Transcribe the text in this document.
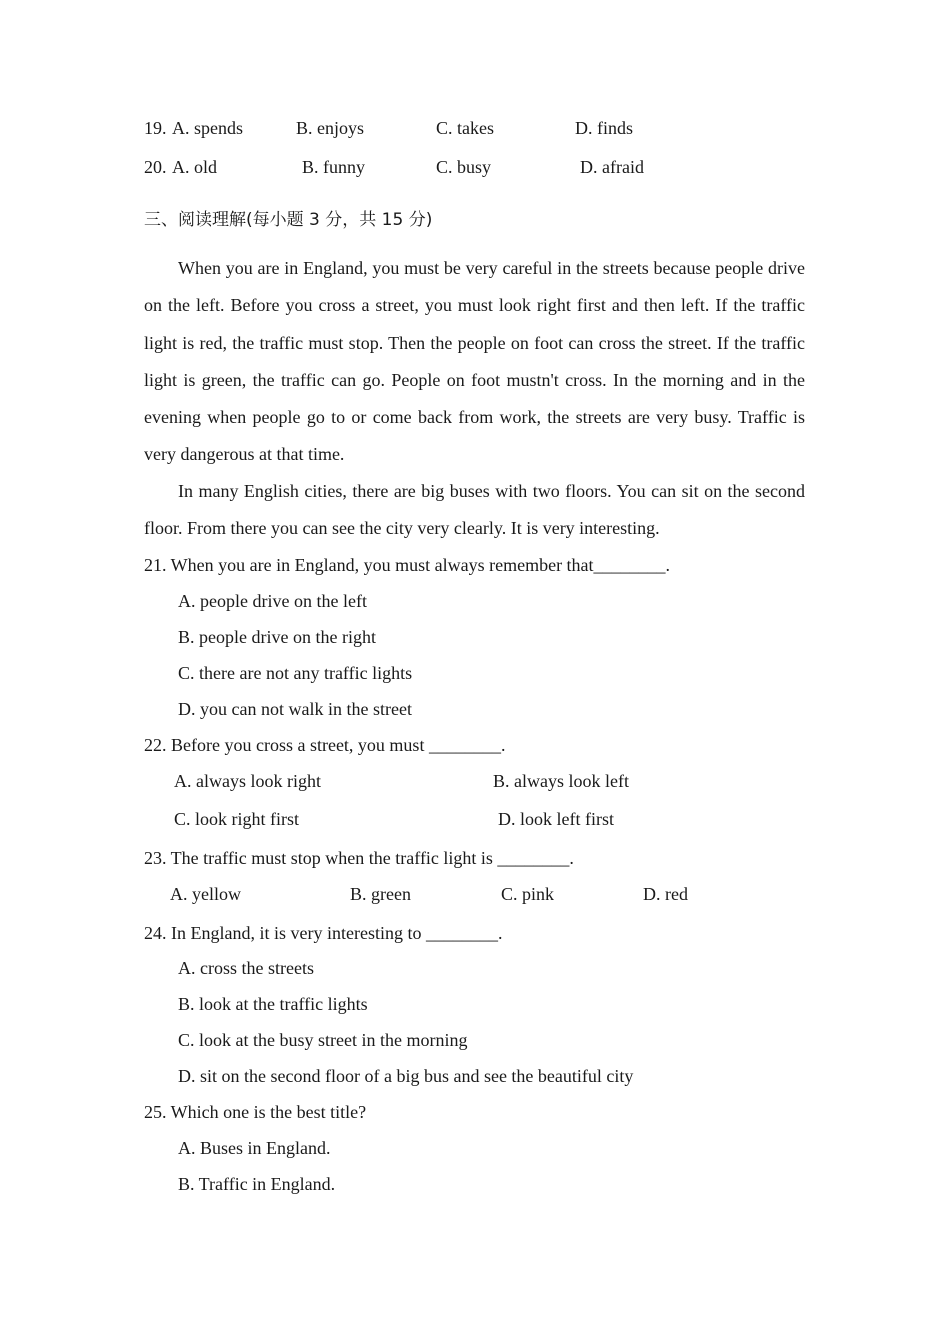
19. A. spends	B. enjoys	C. takes	D. finds
20. A. old	B. funny	C. busy	D. afraid
三、阅读理解(每小题 3 分，共 15 分)
When you are in England, you must be very careful in the streets because people drive on the left. Before you cross a street, you must look right first and then left. If the traffic light is red, the traffic must stop. Then the people on foot can cross the street. If the traffic light is green, the traffic can go. People on foot mustn't cross. In the morning and in the evening when people go to or come back from work, the streets are very busy. Traffic is very dangerous at that time.
In many English cities, there are big buses with two floors. You can sit on the second floor. From there you can see the city very clearly. It is very interesting.
21. When you are in England, you must always remember that________.
A. people drive on the left
B. people drive on the right
C. there are not any traffic lights
D. you can not walk in the street
22. Before you cross a street, you must ________.
A. always look right	B. always look left
C. look right first	D. look left first
23. The traffic must stop when the traffic light is ________.
A. yellow	B. green	C. pink	D. red
24. In England, it is very interesting to ________.
A. cross the streets
B. look at the traffic lights
C. look at the busy street in the morning
D. sit on the second floor of a big bus and see the beautiful city
25. Which one is the best title?
A. Buses in England.
B. Traffic in England.
